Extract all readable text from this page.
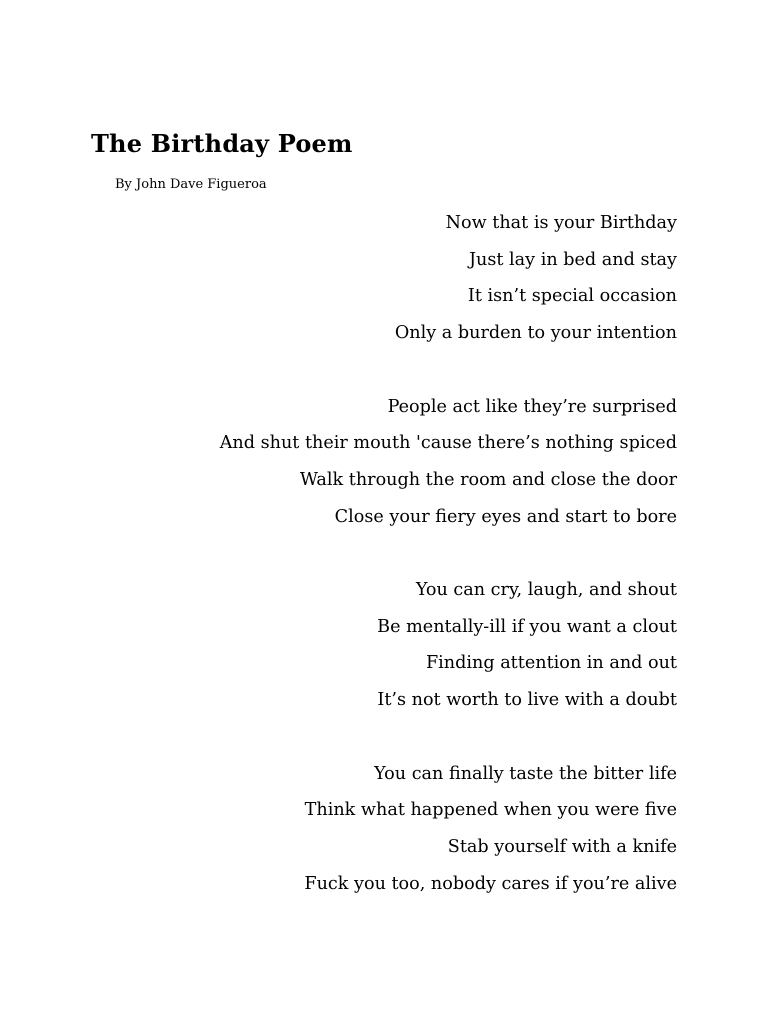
The Birthday Poem
By John Dave Figueroa
Now that is your Birthday
Just lay in bed and stay
It isn’t special occasion
Only a burden to your intention
People act like they’re surprised
And shut their mouth 'cause there’s nothing spiced
Walk through the room and close the door
Close your fiery eyes and start to bore
You can cry, laugh, and shout
Be mentally-ill if you want a clout
Finding attention in and out
It’s not worth to live with a doubt
You can finally taste the bitter life
Think what happened when you were five
Stab yourself with a knife
Fuck you too, nobody cares if you’re alive
